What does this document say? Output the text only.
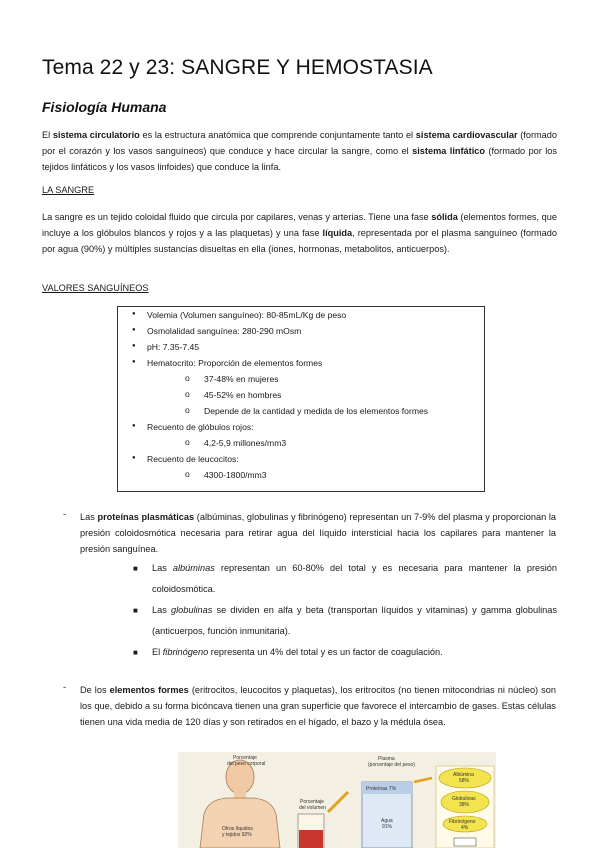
Tema 22 y 23: SANGRE Y HEMOSTASIA
Fisiología Humana

El sistema circulatorio es la estructura anatómica que comprende conjuntamente tanto el sistema cardiovascular (formado por el corazón y los vasos sanguíneos) que conduce y hace circular la sangre, como el sistema linfático (formado por los tejidos linfáticos y los vasos linfoides) que conduce la linfa.

LA SANGRE

La sangre es un tejido coloidal fluido que circula por capilares, venas y arterias. Tiene una fase sólida (elementos formes, que incluye a los glóbulos blancos y rojos y a las plaquetas) y una fase líquida, representada por el plasma sanguíneo (formado por agua (90%) y múltiples sustancias disueltas en ella (iones, hormonas, metabolitos, anticuerpos).

VALORES SANGUÍNEOS

● Volemia (Volumen sanguíneo): 80-85mL/Kg de peso
● Osmolalidad sanguínea: 280-290 mOsm
● pH: 7.35-7.45
● Hematocrito: Proporción de elementos formes
o 37-48% en mujeres
o 45-52% en hombres
o Depende de la cantidad y medida de los elementos formes
● Recuento de glóbulos rojos:
o 4,2-5,9 millones/mm3
● Recuento de leucocitos:
o 4300-1800/mm3
- Las proteínas plasmáticas (albúminas, globulinas y fibrinógeno) representan un 7-9% del plasma y proporcionan la presión coloidosmótica necesaria para retirar agua del líquido intersticial hacia los capilares para mantener la presión sanguínea.

■ Las albúminas representan un 60-80% del total y es necesaria para mantener la presión coloidosmótica.

■ Las globulinas se dividen en alfa y beta (transportan líquidos y vitaminas) y gamma globulinas (anticuerpos, función inmunitaria).

■ El fibrinógeno representa un 4% del total y es un factor de coagulación.

- De los elementos formes (eritrocitos, leucocitos y plaquetas), los eritrocitos (no tienen mitocondrias ni núcleo) son los que, debido a su forma bicóncava tienen una gran superficie que favorece el intercambio de gases. Estas células tienen una vida media de 120 días y son retirados en el hígado, el bazo y la médula ósea.

Porcentaje
del peso corporal
Otros líquidos
y tejidos 92%
Porcentaje
del volumen
Plasma
(porcentaje del peso)
Proteínas 7%
Agua
91%
Albúmina
58%
Globulinas
38%
Fibrinógeno
4%
